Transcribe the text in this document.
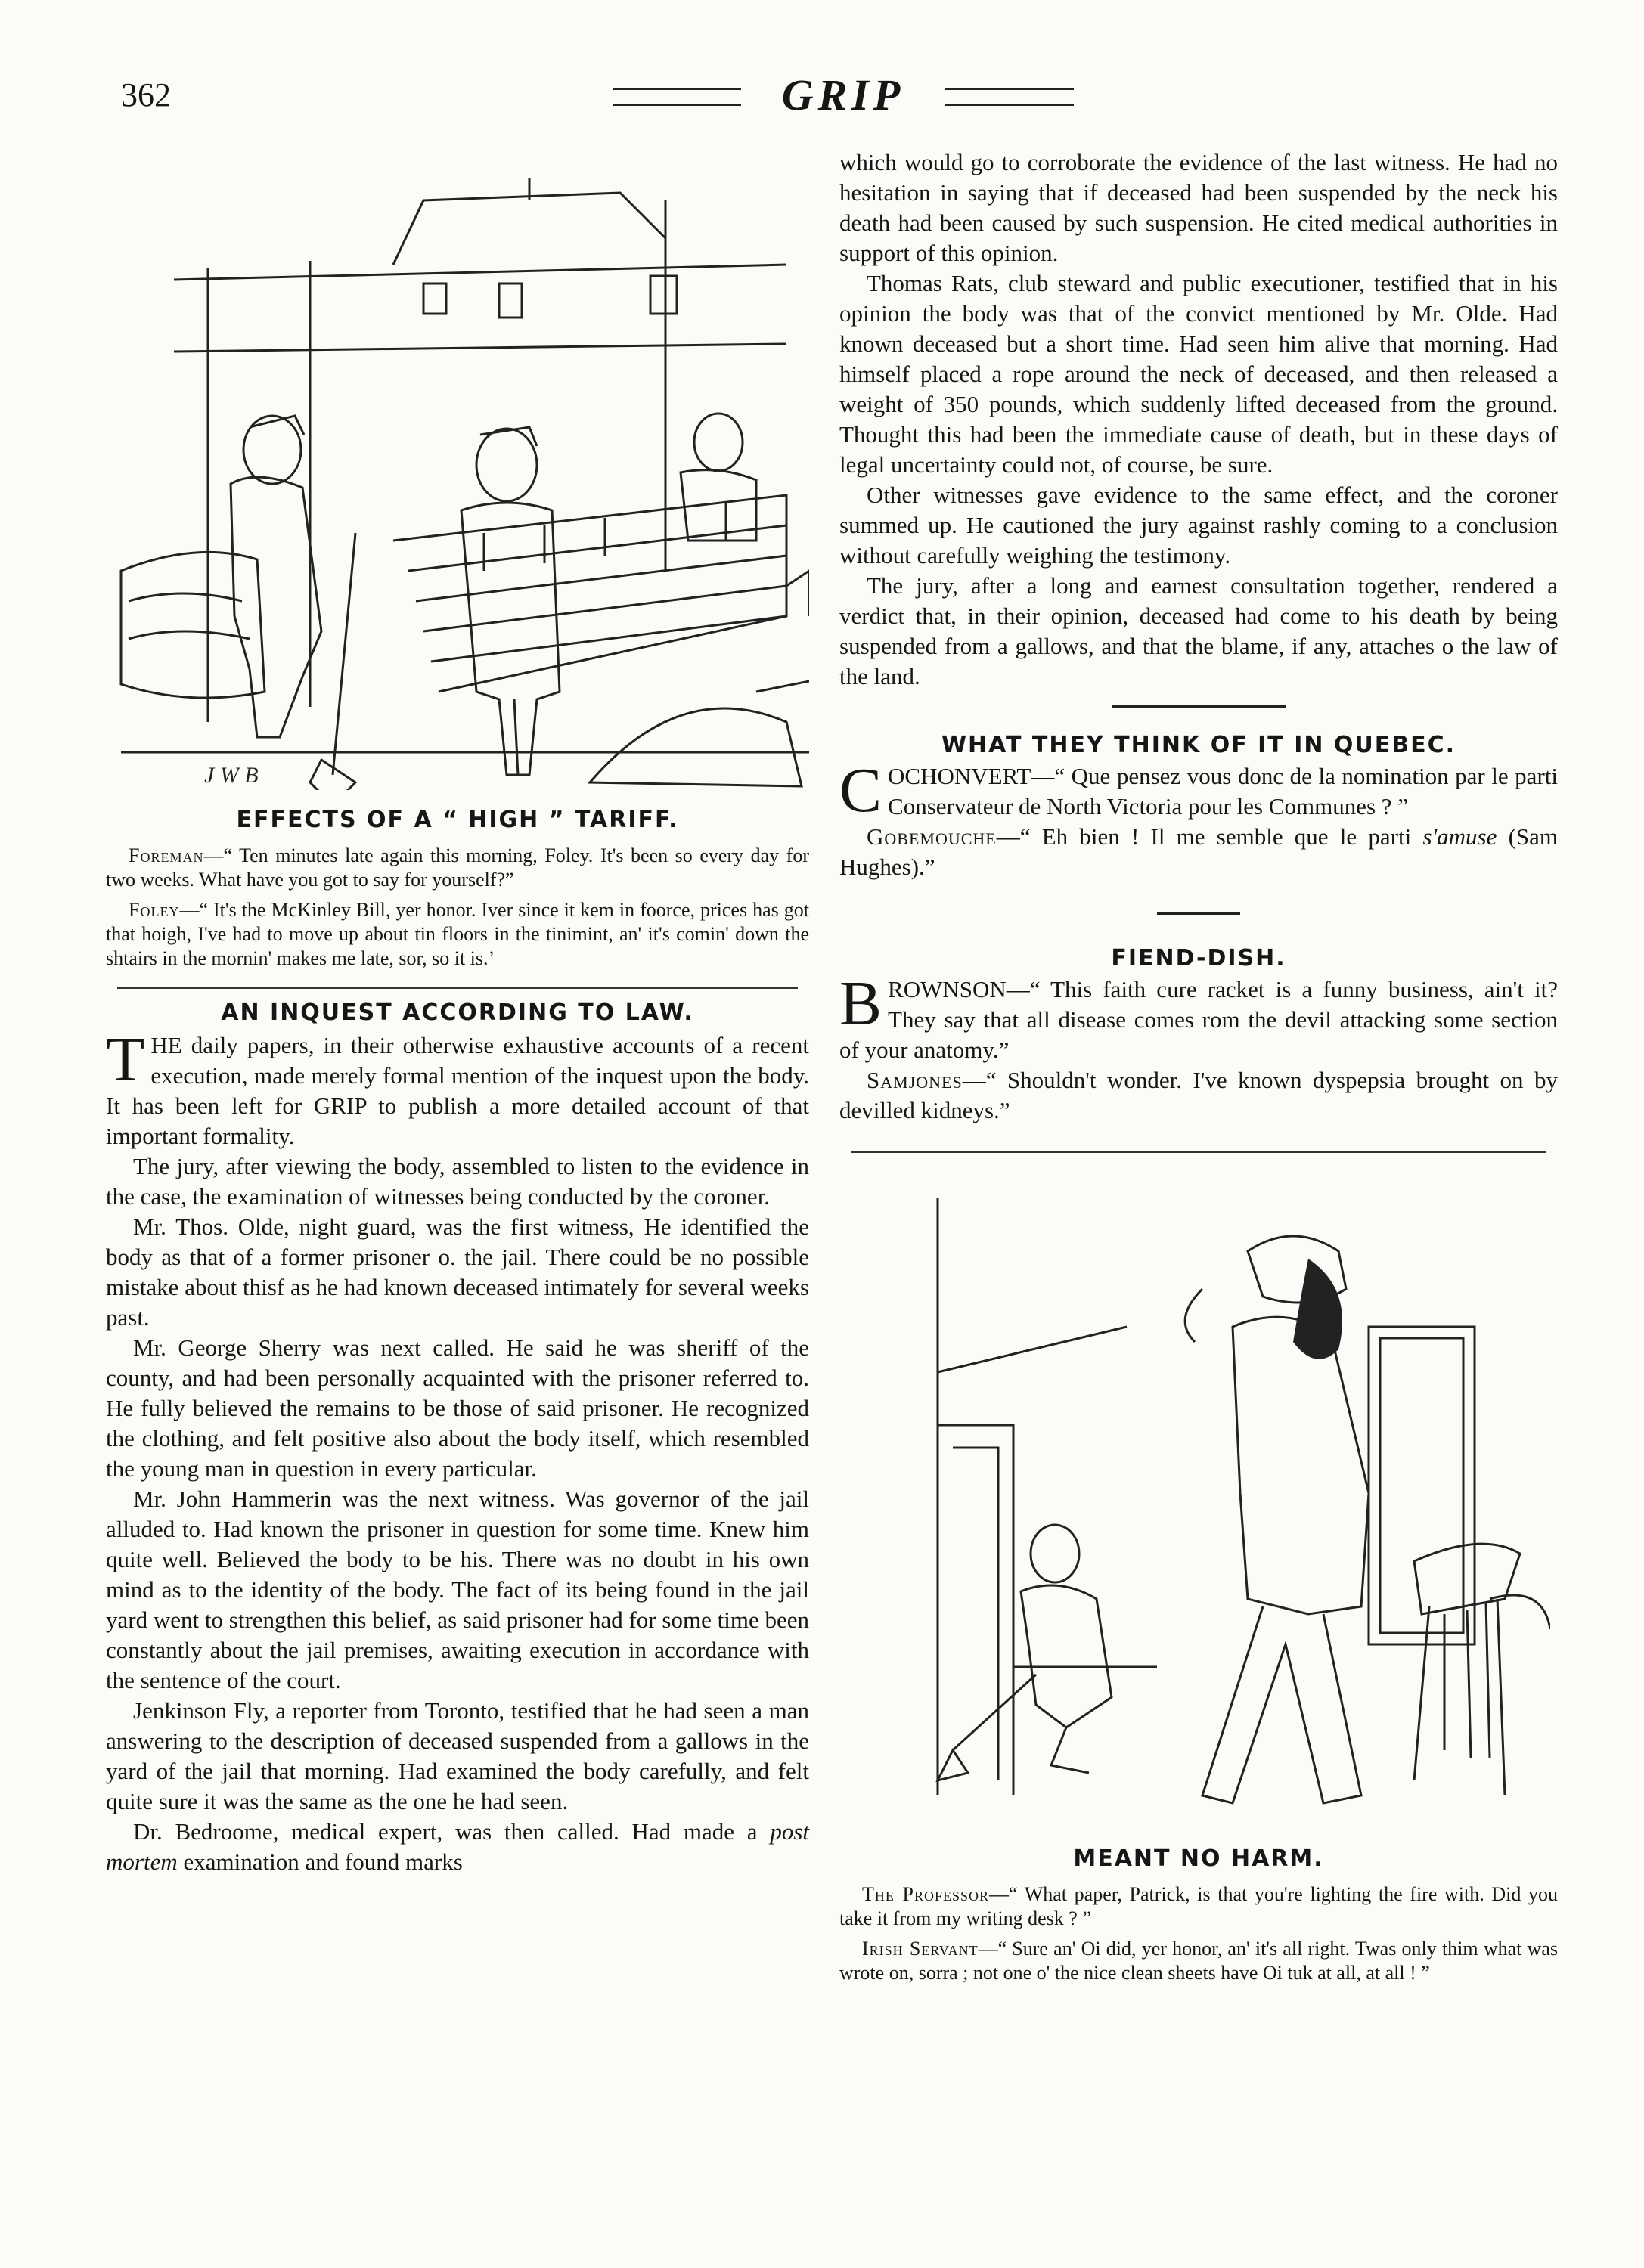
362	GRIP
J W B
EFFECTS OF A “ HIGH ” TARIFF.

Foreman—“ Ten minutes late again this morning, Foley. It's been so every day for two weeks. What have you got to say for yourself?”

Foley—“ It's the McKinley Bill, yer honor. Iver since it kem in foorce, prices has got that hoigh, I've had to move up about tin floors in the tinimint, an' it's comin' down the shtairs in the mornin' makes me late, sor, so it is.’

AN INQUEST ACCORDING TO LAW.

THE daily papers, in their otherwise exhaustive accounts of a recent execution, made merely formal mention of the inquest upon the body. It has been left for GRIP to publish a more detailed account of that important formality.

The jury, after viewing the body, assembled to listen to the evidence in the case, the examination of witnesses being conducted by the coroner.

Mr. Thos. Olde, night guard, was the first witness, He identified the body as that of a former prisoner o. the jail. There could be no possible mistake about thisf as he had known deceased intimately for several weeks past.

Mr. George Sherry was next called. He said he was sheriff of the county, and had been personally acquainted with the prisoner referred to. He fully believed the remains to be those of said prisoner. He recognized the clothing, and felt positive also about the body itself, which resembled the young man in question in every particular.

Mr. John Hammerin was the next witness. Was governor of the jail alluded to. Had known the prisoner in question for some time. Knew him quite well. Believed the body to be his. There was no doubt in his own mind as to the identity of the body. The fact of its being found in the jail yard went to strengthen this belief, as said prisoner had for some time been constantly about the jail premises, awaiting execution in accordance with the sentence of the court.

Jenkinson Fly, a reporter from Toronto, testified that he had seen a man answering to the description of deceased suspended from a gallows in the yard of the jail that morning. Had examined the body carefully, and felt quite sure it was the same as the one he had seen.

Dr. Bedroome, medical expert, was then called. Had made a post mortem examination and found marks

which would go to corroborate the evidence of the last witness. He had no hesitation in saying that if deceased had been suspended by the neck his death had been caused by such suspension. He cited medical authorities in support of this opinion.

Thomas Rats, club steward and public executioner, testified that in his opinion the body was that of the convict mentioned by Mr. Olde. Had known deceased but a short time. Had seen him alive that morning. Had himself placed a rope around the neck of deceased, and then released a weight of 350 pounds, which suddenly lifted deceased from the ground. Thought this had been the immediate cause of death, but in these days of legal uncertainty could not, of course, be sure.

Other witnesses gave evidence to the same effect, and the coroner summed up. He cautioned the jury against rashly coming to a conclusion without carefully weighing the testimony.

The jury, after a long and earnest consultation together, rendered a verdict that, in their opinion, deceased had come to his death by being suspended from a gallows, and that the blame, if any, attaches o the law of the land.

WHAT THEY THINK OF IT IN QUEBEC.

COCHONVERT—“ Que pensez vous donc de la nomination par le parti Conservateur de North Victoria pour les Communes ? ”

Gobemouche—“ Eh bien ! Il me semble que le parti s'amuse (Sam Hughes).”

FIEND-DISH.

BROWNSON—“ This faith cure racket is a funny business, ain't it? They say that all disease comes rom the devil attacking some section of your anatomy.”

Samjones—“ Shouldn't wonder. I've known dyspepsia brought on by devilled kidneys.”

MEANT NO HARM.

The Professor—“ What paper, Patrick, is that you're lighting the fire with. Did you take it from my writing desk ? ”

Irish Servant—“ Sure an' Oi did, yer honor, an' it's all right. Twas only thim what was wrote on, sorra ; not one o' the nice clean sheets have Oi tuk at all, at all ! ”
